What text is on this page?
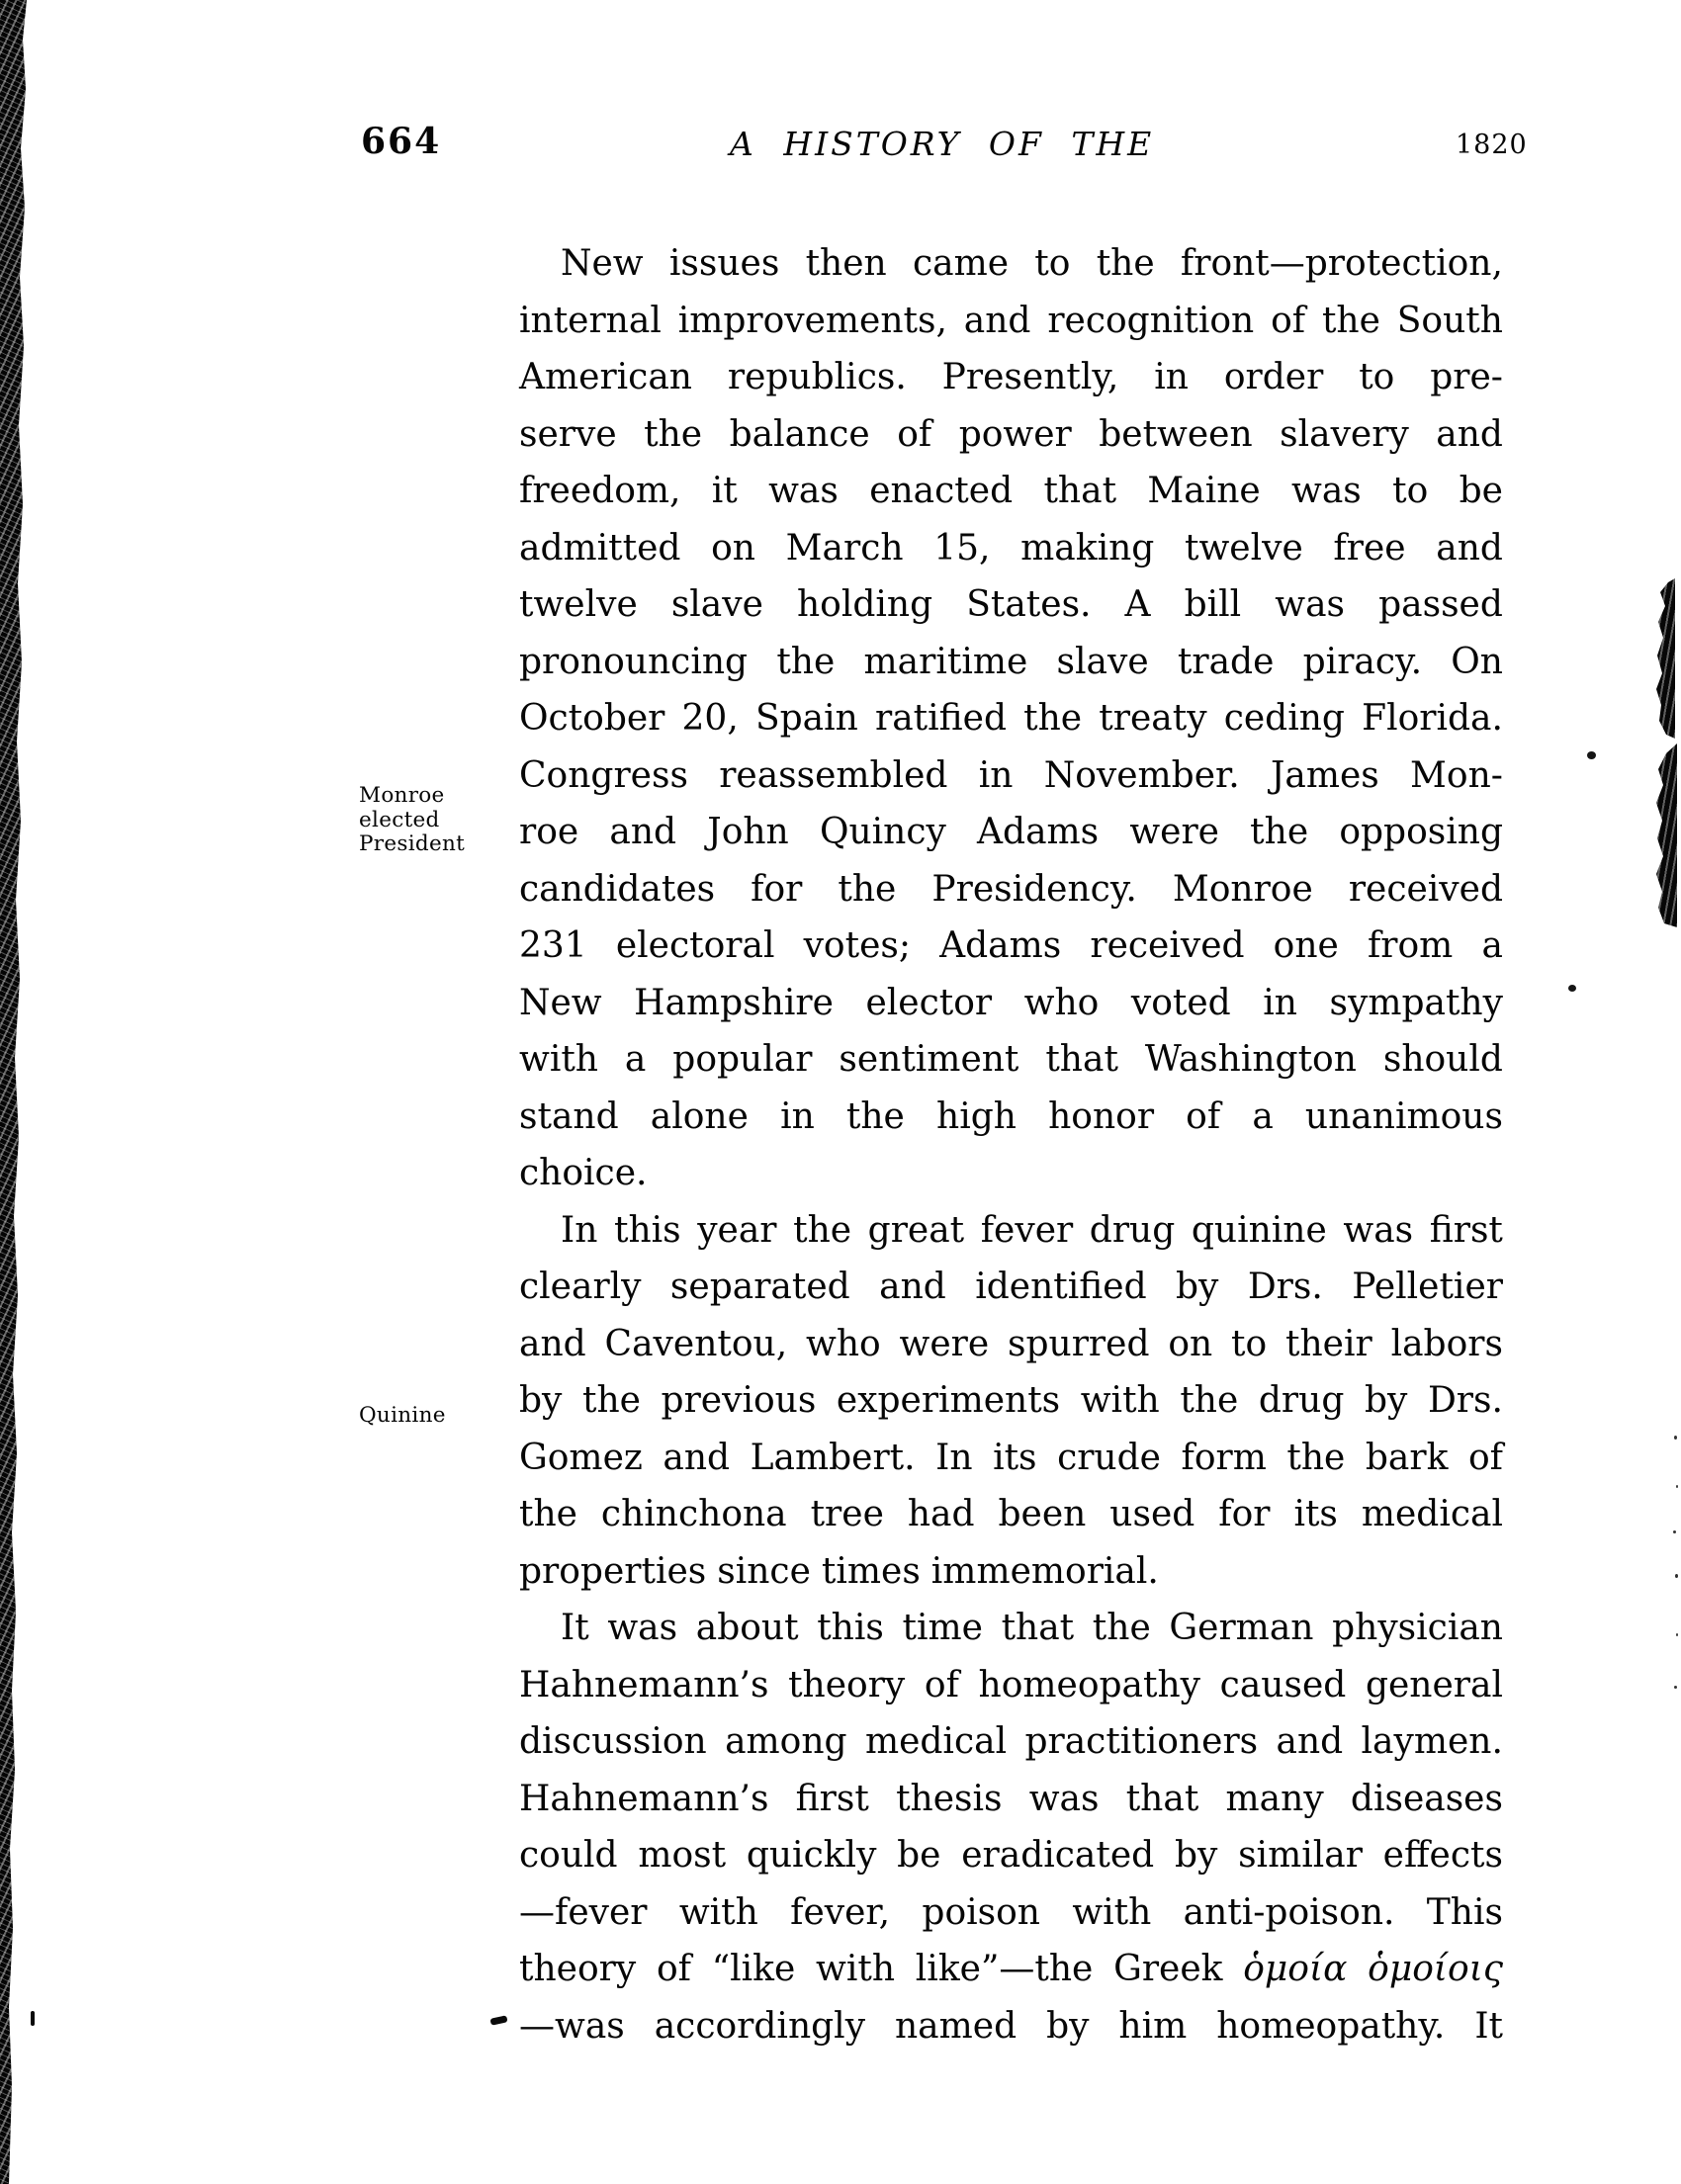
664	A HISTORY OF THE	1820
Monroe
elected
President
Quinine
New issues then came to the front—protection,
internal improvements, and recognition of the South
American republics. Presently, in order to pre-
serve the balance of power between slavery and
freedom, it was enacted that Maine was to be
admitted on March 15, making twelve free and
twelve slave holding States. A bill was passed
pronouncing the maritime slave trade piracy. On
October 20, Spain ratified the treaty ceding Florida.
Congress reassembled in November. James Mon-
roe and John Quincy Adams were the opposing
candidates for the Presidency. Monroe received
231 electoral votes; Adams received one from a
New Hampshire elector who voted in sympathy
with a popular sentiment that Washington should
stand alone in the high honor of a unanimous
choice.
In this year the great fever drug quinine was first
clearly separated and identified by Drs. Pelletier
and Caventou, who were spurred on to their labors
by the previous experiments with the drug by Drs.
Gomez and Lambert. In its crude form the bark of
the chinchona tree had been used for its medical
properties since times immemorial.
It was about this time that the German physician
Hahnemann’s theory of homeopathy caused general
discussion among medical practitioners and laymen.
Hahnemann’s first thesis was that many diseases
could most quickly be eradicated by similar effects
—fever with fever, poison with anti-poison. This
theory of “like with like”—the Greek ὁμοία ὁμοίοις
—was accordingly named by him homeopathy. It
